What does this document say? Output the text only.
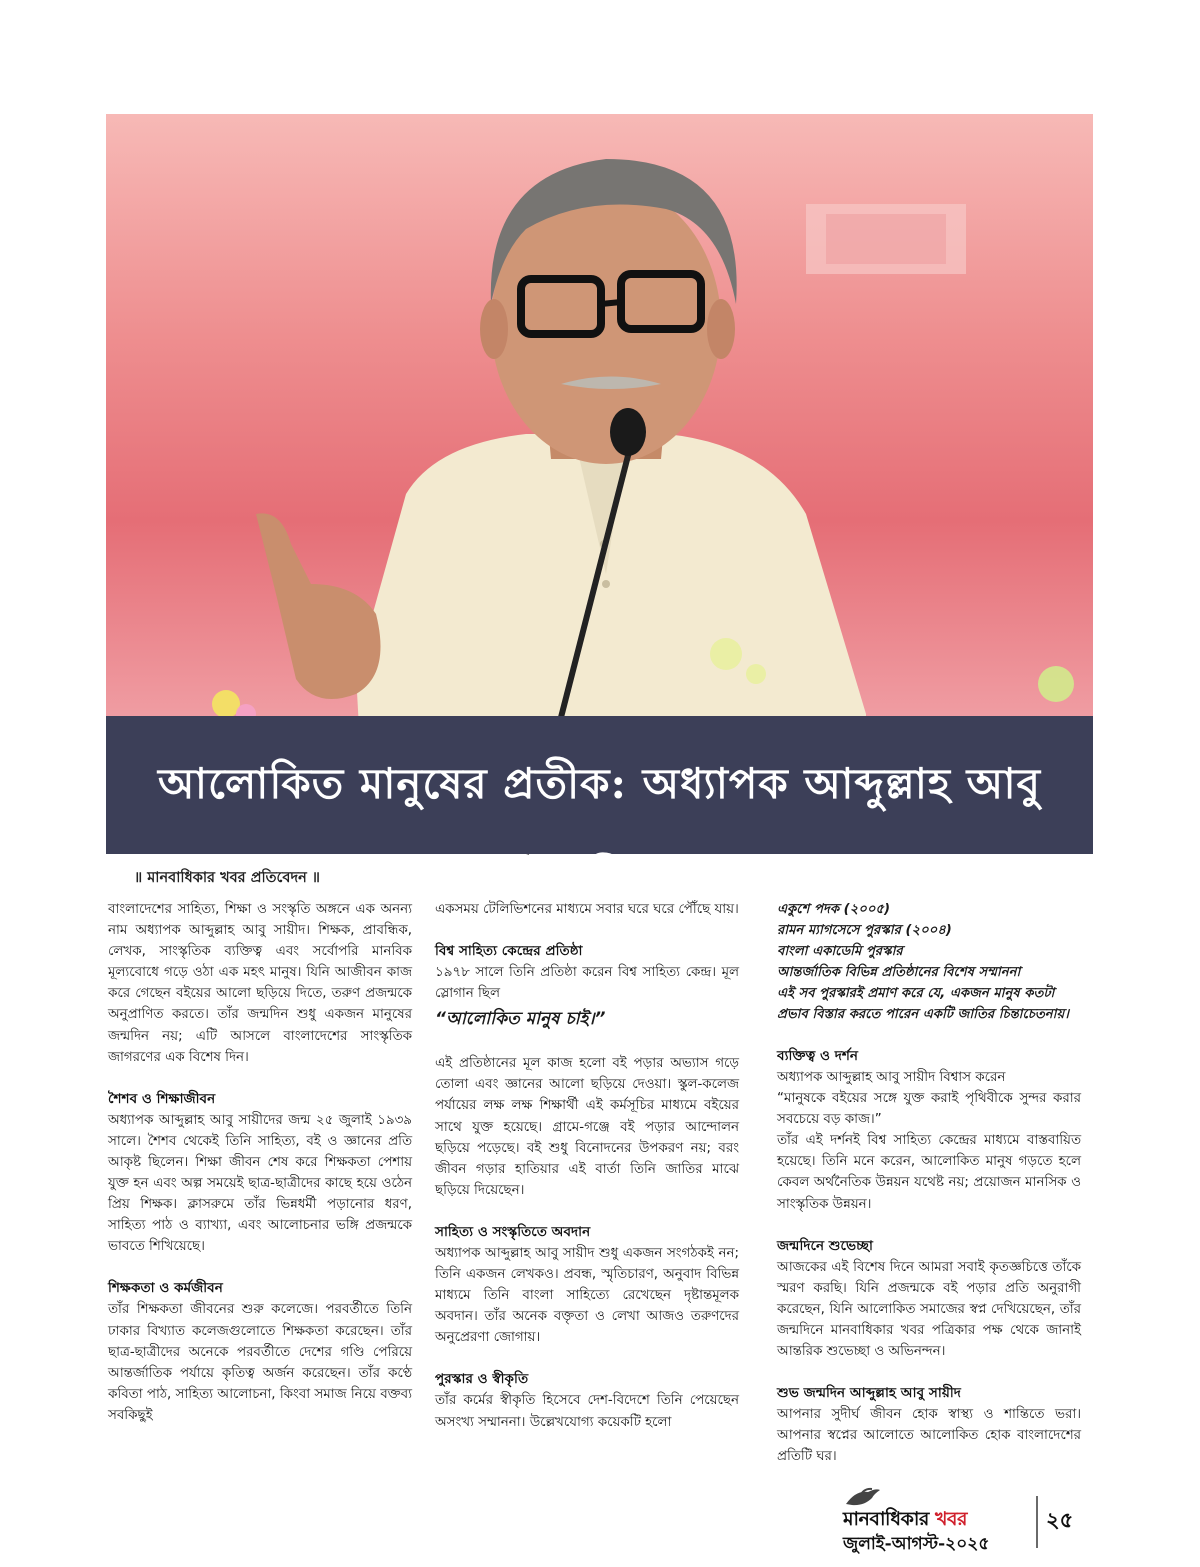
আলোকিত মানুষের প্রতীক: অধ্যাপক আব্দুল্লাহ আবু সায়ীদ
॥ মানবাধিকার খবর প্রতিবেদন ॥

বাংলাদেশের সাহিত্য, শিক্ষা ও সংস্কৃতি অঙ্গনে এক অনন্য নাম অধ্যাপক আব্দুল্লাহ আবু সায়ীদ। শিক্ষক, প্রাবন্ধিক, লেখক, সাংস্কৃতিক ব্যক্তিত্ব এবং সর্বোপরি মানবিক মূল্যবোধে গড়ে ওঠা এক মহৎ মানুষ। যিনি আজীবন কাজ করে গেছেন বইয়ের আলো ছড়িয়ে দিতে, তরুণ প্রজন্মকে অনুপ্রাণিত করতে। তাঁর জন্মদিন শুধু একজন মানুষের জন্মদিন নয়; এটি আসলে বাংলাদেশের সাংস্কৃতিক জাগরণের এক বিশেষ দিন।

শৈশব ও শিক্ষাজীবন

অধ্যাপক আব্দুল্লাহ আবু সায়ীদের জন্ম ২৫ জুলাই ১৯৩৯ সালে। শৈশব থেকেই তিনি সাহিত্য, বই ও জ্ঞানের প্রতি আকৃষ্ট ছিলেন। শিক্ষা জীবন শেষ করে শিক্ষকতা পেশায় যুক্ত হন এবং অল্প সময়েই ছাত্র-ছাত্রীদের কাছে হয়ে ওঠেন প্রিয় শিক্ষক। ক্লাসরুমে তাঁর ভিন্নধর্মী পড়ানোর ধরণ, সাহিত্য পাঠ ও ব্যাখ্যা, এবং আলোচনার ভঙ্গি প্রজন্মকে ভাবতে শিখিয়েছে।

শিক্ষকতা ও কর্মজীবন

তাঁর শিক্ষকতা জীবনের শুরু কলেজে। পরবর্তীতে তিনি ঢাকার বিখ্যাত কলেজগুলোতে শিক্ষকতা করেছেন। তাঁর ছাত্র-ছাত্রীদের অনেকে পরবর্তীতে দেশের গণ্ডি পেরিয়ে আন্তর্জাতিক পর্যায়ে কৃতিত্ব অর্জন করেছেন। তাঁর কণ্ঠে কবিতা পাঠ, সাহিত্য আলোচনা, কিংবা সমাজ নিয়ে বক্তব্য সবকিছুই

একসময় টেলিভিশনের মাধ্যমে সবার ঘরে ঘরে পৌঁছে যায়।

বিশ্ব সাহিত্য কেন্দ্রের প্রতিষ্ঠা

১৯৭৮ সালে তিনি প্রতিষ্ঠা করেন বিশ্ব সাহিত্য কেন্দ্র। মূল স্লোগান ছিল

“আলোকিত মানুষ চাই।”

এই প্রতিষ্ঠানের মূল কাজ হলো বই পড়ার অভ্যাস গড়ে তোলা এবং জ্ঞানের আলো ছড়িয়ে দেওয়া। স্কুল-কলেজ পর্যায়ের লক্ষ লক্ষ শিক্ষার্থী এই কর্মসূচির মাধ্যমে বইয়ের সাথে যুক্ত হয়েছে। গ্রামে-গঞ্জে বই পড়ার আন্দোলন ছড়িয়ে পড়েছে। বই শুধু বিনোদনের উপকরণ নয়; বরং জীবন গড়ার হাতিয়ার এই বার্তা তিনি জাতির মাঝে ছড়িয়ে দিয়েছেন।

সাহিত্য ও সংস্কৃতিতে অবদান

অধ্যাপক আব্দুল্লাহ আবু সায়ীদ শুধু একজন সংগঠকই নন; তিনি একজন লেখকও। প্রবন্ধ, স্মৃতিচারণ, অনুবাদ বিভিন্ন মাধ্যমে তিনি বাংলা সাহিত্যে রেখেছেন দৃষ্টান্তমূলক অবদান। তাঁর অনেক বক্তৃতা ও লেখা আজও তরুণদের অনুপ্রেরণা জোগায়।

পুরস্কার ও স্বীকৃতি

তাঁর কর্মের স্বীকৃতি হিসেবে দেশ-বিদেশে তিনি পেয়েছেন অসংখ্য সম্মাননা। উল্লেখযোগ্য কয়েকটি হলো

একুশে পদক (২০০৫)

রামন ম্যাগসেসে পুরস্কার (২০০৪)

বাংলা একাডেমি পুরস্কার

আন্তর্জাতিক বিভিন্ন প্রতিষ্ঠানের বিশেষ সম্মাননা

এই সব পুরস্কারই প্রমাণ করে যে, একজন মানুষ কতটা প্রভাব বিস্তার করতে পারেন একটি জাতির চিন্তাচেতনায়।

ব্যক্তিত্ব ও দর্শন

অধ্যাপক আব্দুল্লাহ আবু সায়ীদ বিশ্বাস করেন

“মানুষকে বইয়ের সঙ্গে যুক্ত করাই পৃথিবীকে সুন্দর করার সবচেয়ে বড় কাজ।”

তাঁর এই দর্শনই বিশ্ব সাহিত্য কেন্দ্রের মাধ্যমে বাস্তবায়িত হয়েছে। তিনি মনে করেন, আলোকিত মানুষ গড়তে হলে কেবল অর্থনৈতিক উন্নয়ন যথেষ্ট নয়; প্রয়োজন মানসিক ও সাংস্কৃতিক উন্নয়ন।

জন্মদিনে শুভেচ্ছা

আজকের এই বিশেষ দিনে আমরা সবাই কৃতজ্ঞচিত্তে তাঁকে স্মরণ করছি। যিনি প্রজন্মকে বই পড়ার প্রতি অনুরাগী করেছেন, যিনি আলোকিত সমাজের স্বপ্ন দেখিয়েছেন, তাঁর জন্মদিনে মানবাধিকার খবর পত্রিকার পক্ষ থেকে জানাই আন্তরিক শুভেচ্ছা ও অভিনন্দন।

শুভ জন্মদিন আব্দুল্লাহ আবু সায়ীদ

আপনার সুদীর্ঘ জীবন হোক স্বাস্থ্য ও শান্তিতে ভরা। আপনার স্বপ্নের আলোতে আলোকিত হোক বাংলাদেশের প্রতিটি ঘর।

মানবাধিকার খবর
জুলাই-আগস্ট-২০২৫
২৫
